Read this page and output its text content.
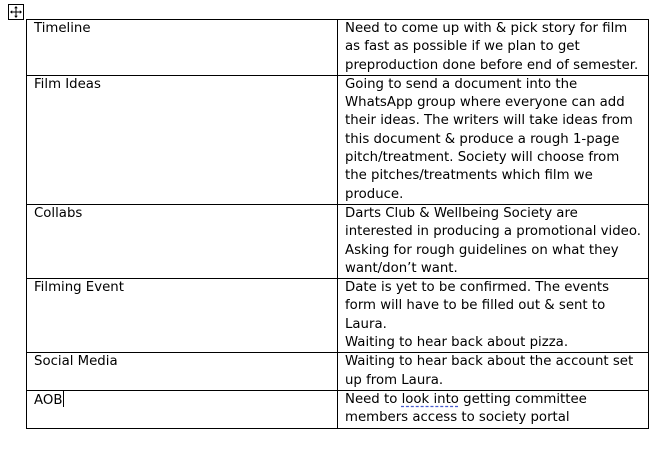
Timeline	Need to come up with & pick story for film as fast as possible if we plan to get preproduction done before end of semester.

Film Ideas	Going to send a document into the WhatsApp group where everyone can add their ideas. The writers will take ideas from this document & produce a rough 1-page pitch/treatment. Society will choose from the pitches/treatments which film we produce.

Collabs	Darts Club & Wellbeing Society are interested in producing a promotional video. Asking for rough guidelines on what they want/don’t want.

Filming Event	Date is yet to be confirmed. The events form will have to be filled out & sent to Laura.
Waiting to hear back about pizza.

Social Media	Waiting to hear back about the account set up from Laura.

AOB	Need to look into getting committee members access to society portal
